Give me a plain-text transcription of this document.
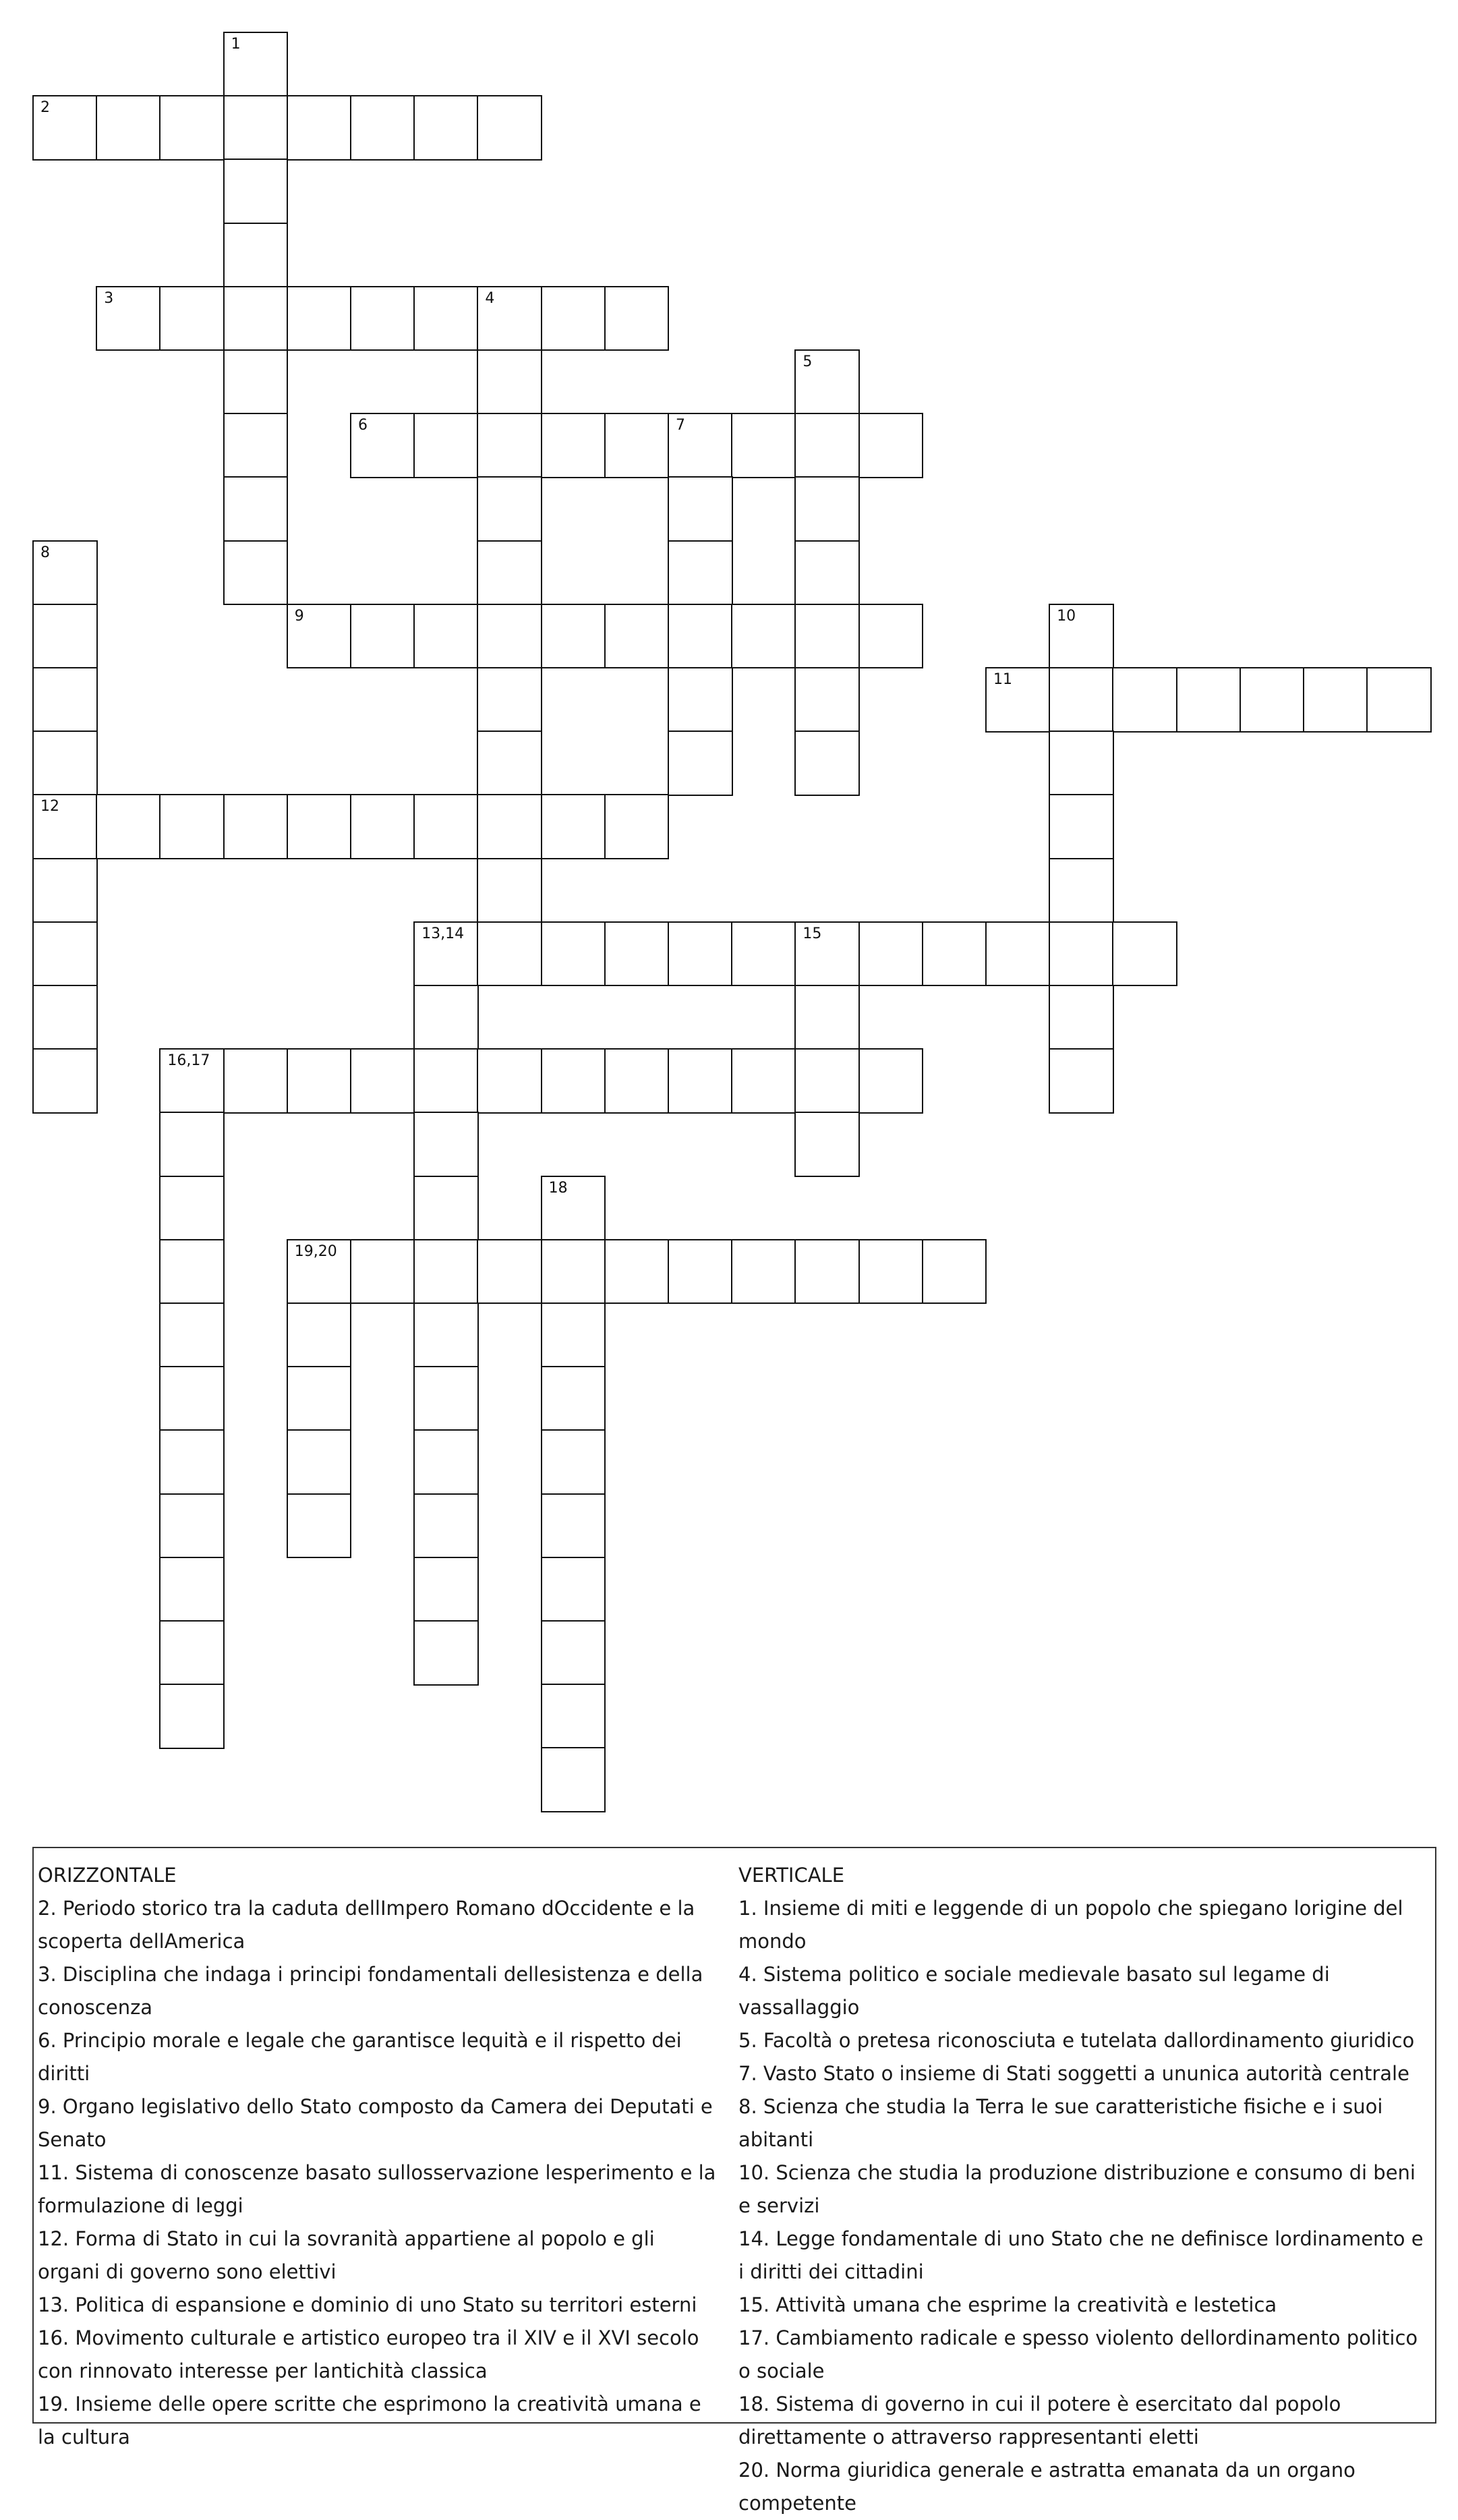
1
2
3	4
5
6	7
8
9	10
11
12
13,14	15
16,17
18
19,20

ORIZZONTALE

2. Periodo storico tra la caduta dellImpero Romano dOccidente e la scoperta dellAmerica

3. Disciplina che indaga i principi fondamentali dellesistenza e della conoscenza

6. Principio morale e legale che garantisce lequità e il rispetto dei diritti

9. Organo legislativo dello Stato composto da Camera dei Deputati e Senato

11. Sistema di conoscenze basato sullosservazione lesperimento e la formulazione di leggi

12. Forma di Stato in cui la sovranità appartiene al popolo e gli organi di governo sono elettivi

13. Politica di espansione e dominio di uno Stato su territori esterni

16. Movimento culturale e artistico europeo tra il XIV e il XVI secolo con rinnovato interesse per lantichità classica

19. Insieme delle opere scritte che esprimono la creatività umana e la cultura

VERTICALE

1. Insieme di miti e leggende di un popolo che spiegano lorigine del mondo

4. Sistema politico e sociale medievale basato sul legame di vassallaggio

5. Facoltà o pretesa riconosciuta e tutelata dallordinamento giuridico

7. Vasto Stato o insieme di Stati soggetti a ununica autorità centrale

8. Scienza che studia la Terra le sue caratteristiche fisiche e i suoi abitanti

10. Scienza che studia la produzione distribuzione e consumo di beni e servizi

14. Legge fondamentale di uno Stato che ne definisce lordinamento e i diritti dei cittadini

15. Attività umana che esprime la creatività e lestetica

17. Cambiamento radicale e spesso violento dellordinamento politico o sociale

18. Sistema di governo in cui il potere è esercitato dal popolo direttamente o attraverso rappresentanti eletti

20. Norma giuridica generale e astratta emanata da un organo competente
